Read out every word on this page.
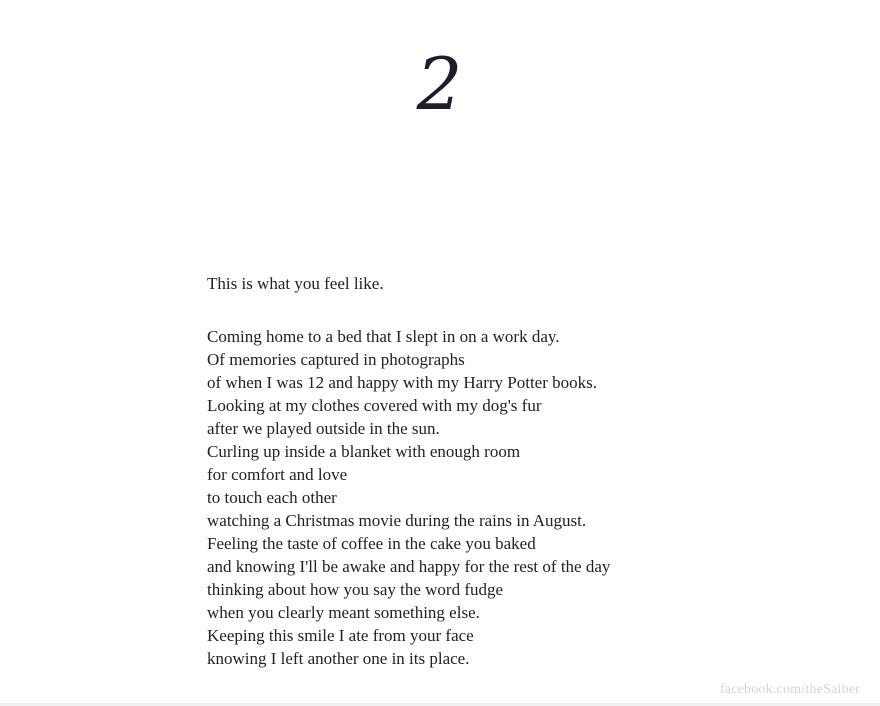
2
This is what you feel like.
Coming home to a bed that I slept in on a work day.
Of memories captured in photographs
of when I was 12 and happy with my Harry Potter books.
Looking at my clothes covered with my dog's fur
after we played outside in the sun.
Curling up inside a blanket with enough room
for comfort and love
to touch each other
watching a Christmas movie during the rains in August.
Feeling the taste of coffee in the cake you baked
and knowing I'll be awake and happy for the rest of the day
thinking about how you say the word fudge
when you clearly meant something else.
Keeping this smile I ate from your face
knowing I left another one in its place.
facebook.com/theSaiber
